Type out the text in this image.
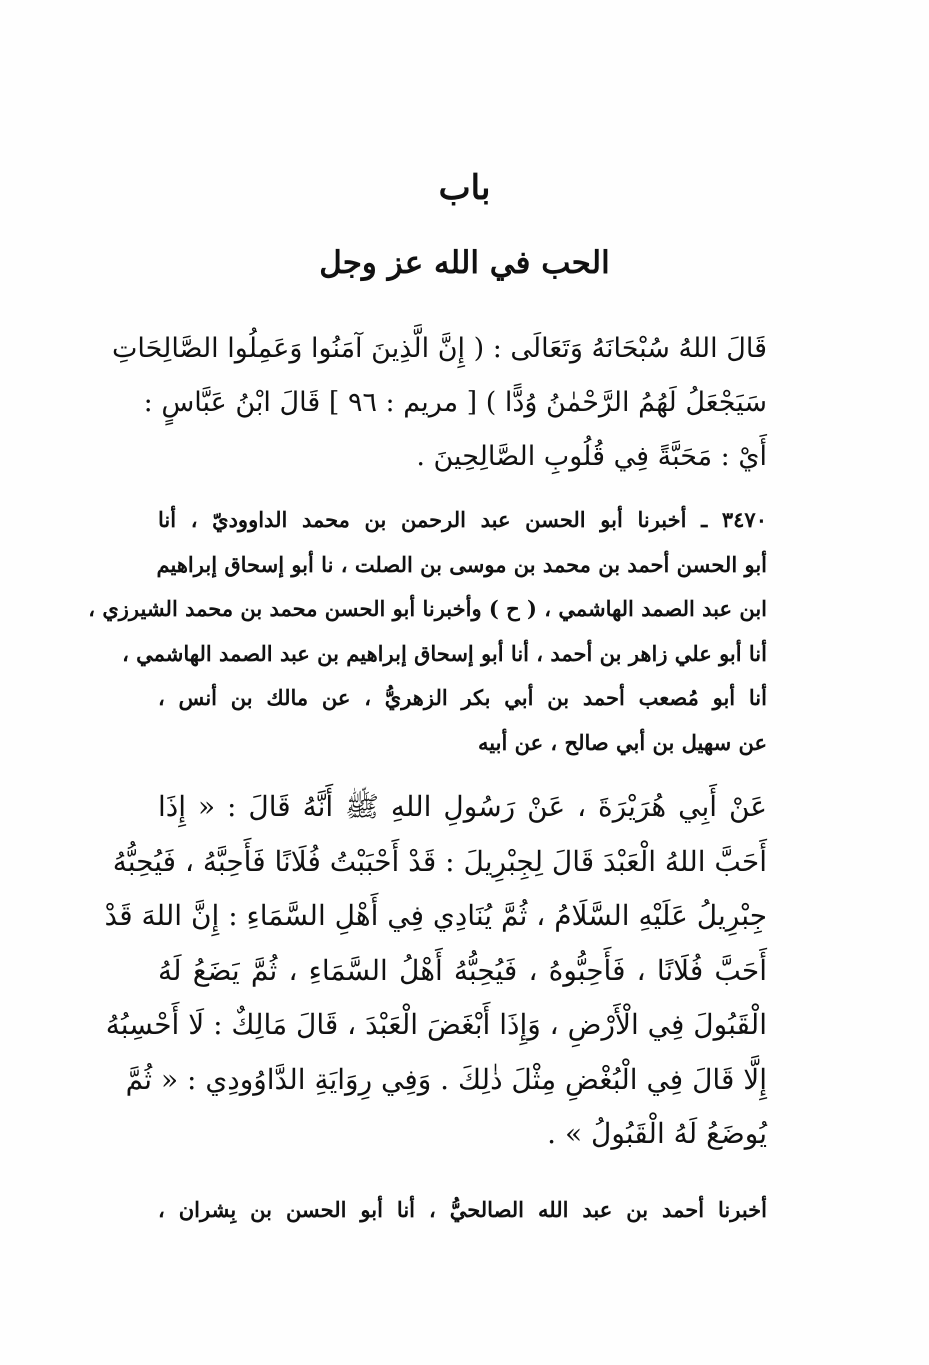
باب
الحب في الله عز وجل
قَالَ اللهُ سُبْحَانَهُ وَتَعَالَى : ( إِنَّ الَّذِينَ آمَنُوا وَعَمِلُوا الصَّالِحَاتِ
سَيَجْعَلُ لَهُمُ الرَّحْمٰنُ وُدًّا ) [ مريم : ٩٦ ] قَالَ ابْنُ عَبَّاسٍ :
أَيْ : مَحَبَّةً فِي قُلُوبِ الصَّالِحِينَ .
٣٤٧٠ ـ أخبرنا أبو الحسن عبد الرحمن بن محمد الداووديّ ، أنا
أبو الحسن أحمد بن محمد بن موسى بن الصلت ، نا أبو إسحاق إبراهيم
ابن عبد الصمد الهاشمي ، ( ح ) وأخبرنا أبو الحسن محمد بن محمد الشيرزي ،
أنا أبو علي زاهر بن أحمد ، أنا أبو إسحاق إبراهيم بن عبد الصمد الهاشمي ،
أنا أبو مُصعب أحمد بن أبي بكر الزهريُّ ، عن مالك بن أنس ،
عن سهيل بن أبي صالح ، عن أبيه
عَنْ أَبِي هُرَيْرَةَ ، عَنْ رَسُولِ اللهِ ﷺ أَنَّهُ قَالَ : « إِذَا
أَحَبَّ اللهُ الْعَبْدَ قَالَ لِجِبْرِيلَ : قَدْ أَحْبَبْتُ فُلَانًا فَأَحِبَّهُ ، فَيُحِبُّهُ
جِبْرِيلُ عَلَيْهِ السَّلَامُ ، ثُمَّ يُنَادِي فِي أَهْلِ السَّمَاءِ : إِنَّ اللهَ قَدْ
أَحَبَّ فُلَانًا ، فَأَحِبُّوهُ ، فَيُحِبُّهُ أَهْلُ السَّمَاءِ ، ثُمَّ يَضَعُ لَهُ
الْقَبُولَ فِي الْأَرْضِ ، وَإِذَا أَبْغَضَ الْعَبْدَ ، قَالَ مَالِكٌ : لَا أَحْسِبُهُ
إِلَّا قَالَ فِي الْبُغْضِ مِثْلَ ذٰلِكَ . وَفِي رِوَايَةِ الدَّاوُودِي : « ثُمَّ
يُوضَعُ لَهُ الْقَبُولُ » .
أخبرنا أحمد بن عبد الله الصالحيُّ ، أنا أبو الحسن بن بِشران ،
